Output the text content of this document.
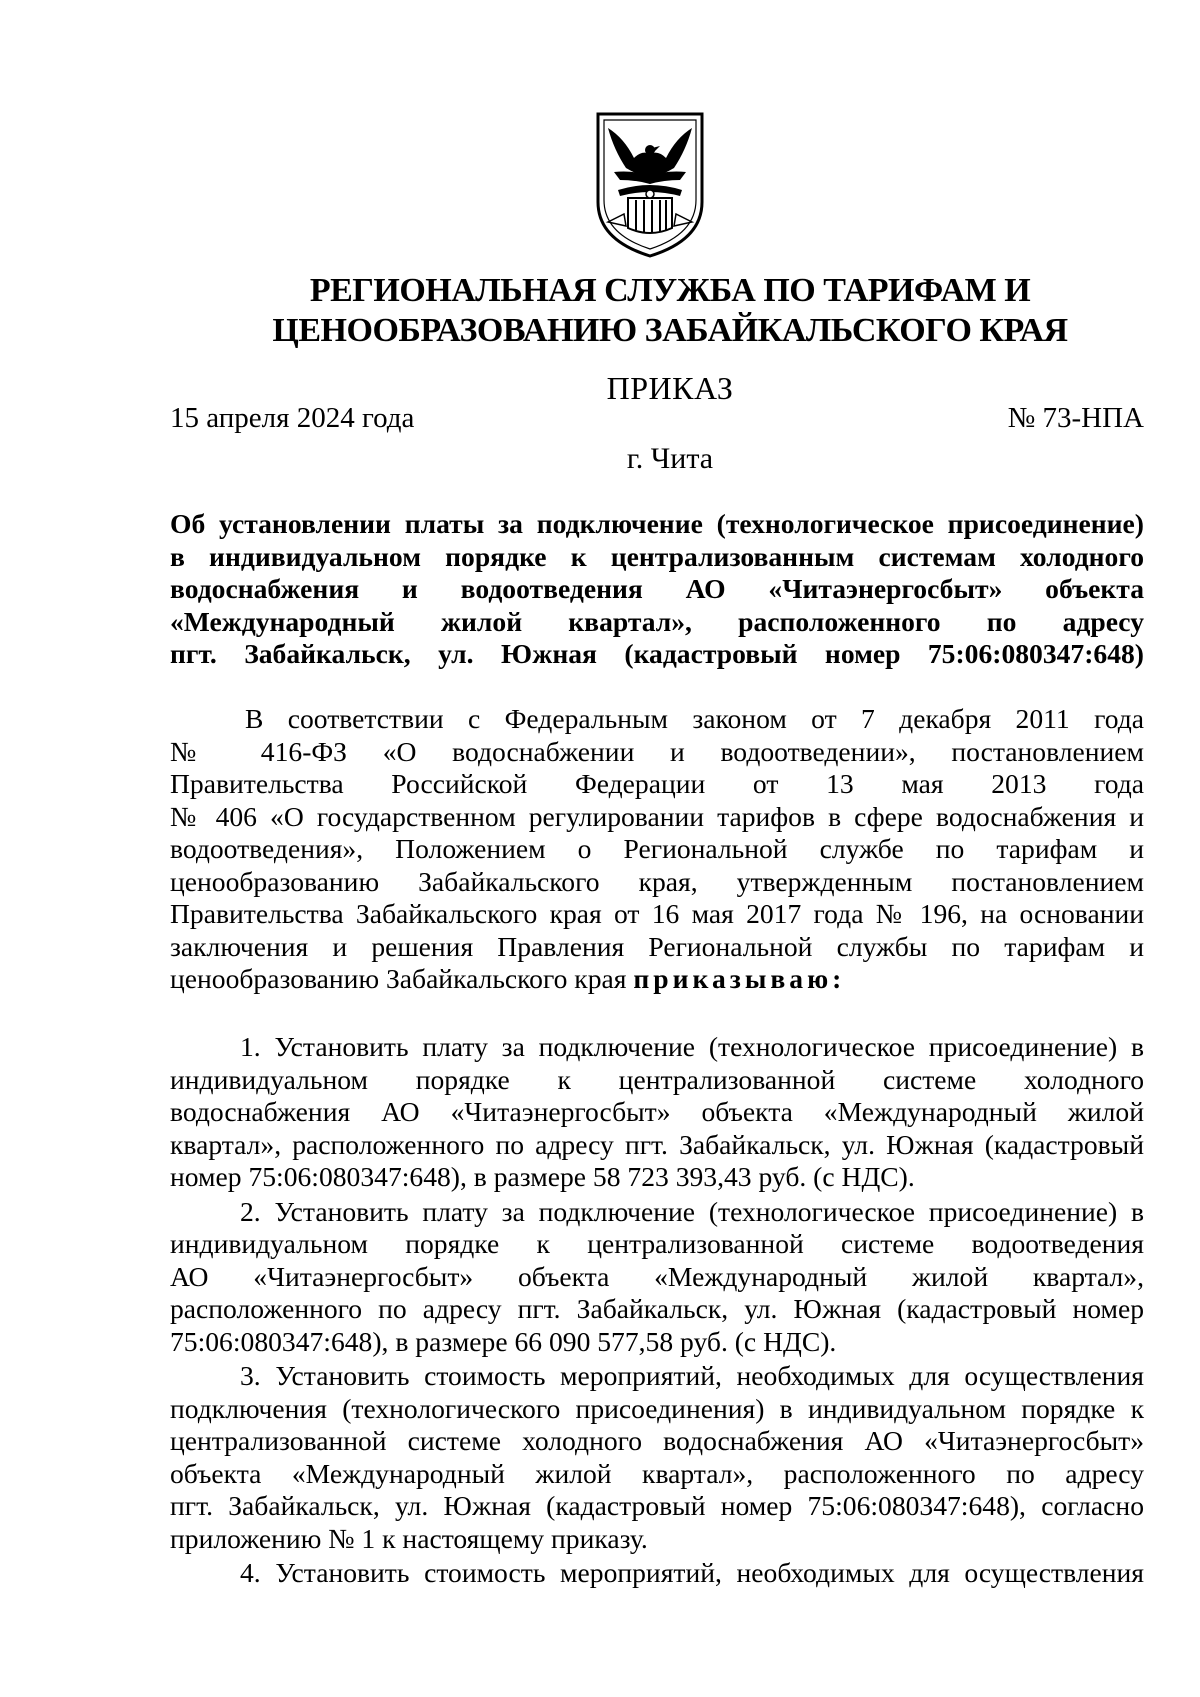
РЕГИОНАЛЬНАЯ СЛУЖБА ПО ТАРИФАМ И
ЦЕНООБРАЗОВАНИЮ ЗАБАЙКАЛЬСКОГО КРАЯ
ПРИКАЗ
15 апреля 2024 года	№ 73-НПА
г. Чита
Об установлении платы за подключение (технологическое присоединение)
в индивидуальном порядке к централизованным системам холодного
водоснабжения и водоотведения АО «Читаэнергосбыт» объекта
«Международный жилой квартал», расположенного по адресу
пгт. Забайкальск, ул. Южная (кадастровый номер 75:06:080347:648)
В соответствии с Федеральным законом от 7 декабря 2011 года
№ 416-ФЗ «О водоснабжении и водоотведении», постановлением
Правительства Российской Федерации от 13 мая 2013 года
№ 406 «О государственном регулировании тарифов в сфере водоснабжения и
водоотведения», Положением о Региональной службе по тарифам и
ценообразованию Забайкальского края, утвержденным постановлением
Правительства Забайкальского края от 16 мая 2017 года № 196, на основании
заключения и решения Правления Региональной службы по тарифам и
ценообразованию Забайкальского края приказываю:
1. Установить плату за подключение (технологическое присоединение) в
индивидуальном порядке к централизованной системе холодного
водоснабжения АО «Читаэнергосбыт» объекта «Международный жилой
квартал», расположенного по адресу пгт. Забайкальск, ул. Южная (кадастровый
номер 75:06:080347:648), в размере 58 723 393,43 руб. (с НДС).
2. Установить плату за подключение (технологическое присоединение) в
индивидуальном порядке к централизованной системе водоотведения
АО «Читаэнергосбыт» объекта «Международный жилой квартал»,
расположенного по адресу пгт. Забайкальск, ул. Южная (кадастровый номер
75:06:080347:648), в размере 66 090 577,58 руб. (с НДС).
3. Установить стоимость мероприятий, необходимых для осуществления
подключения (технологического присоединения) в индивидуальном порядке к
централизованной системе холодного водоснабжения АО «Читаэнергосбыт»
объекта «Международный жилой квартал», расположенного по адресу
пгт. Забайкальск, ул. Южная (кадастровый номер 75:06:080347:648), согласно
приложению № 1 к настоящему приказу.
4. Установить стоимость мероприятий, необходимых для осуществления
